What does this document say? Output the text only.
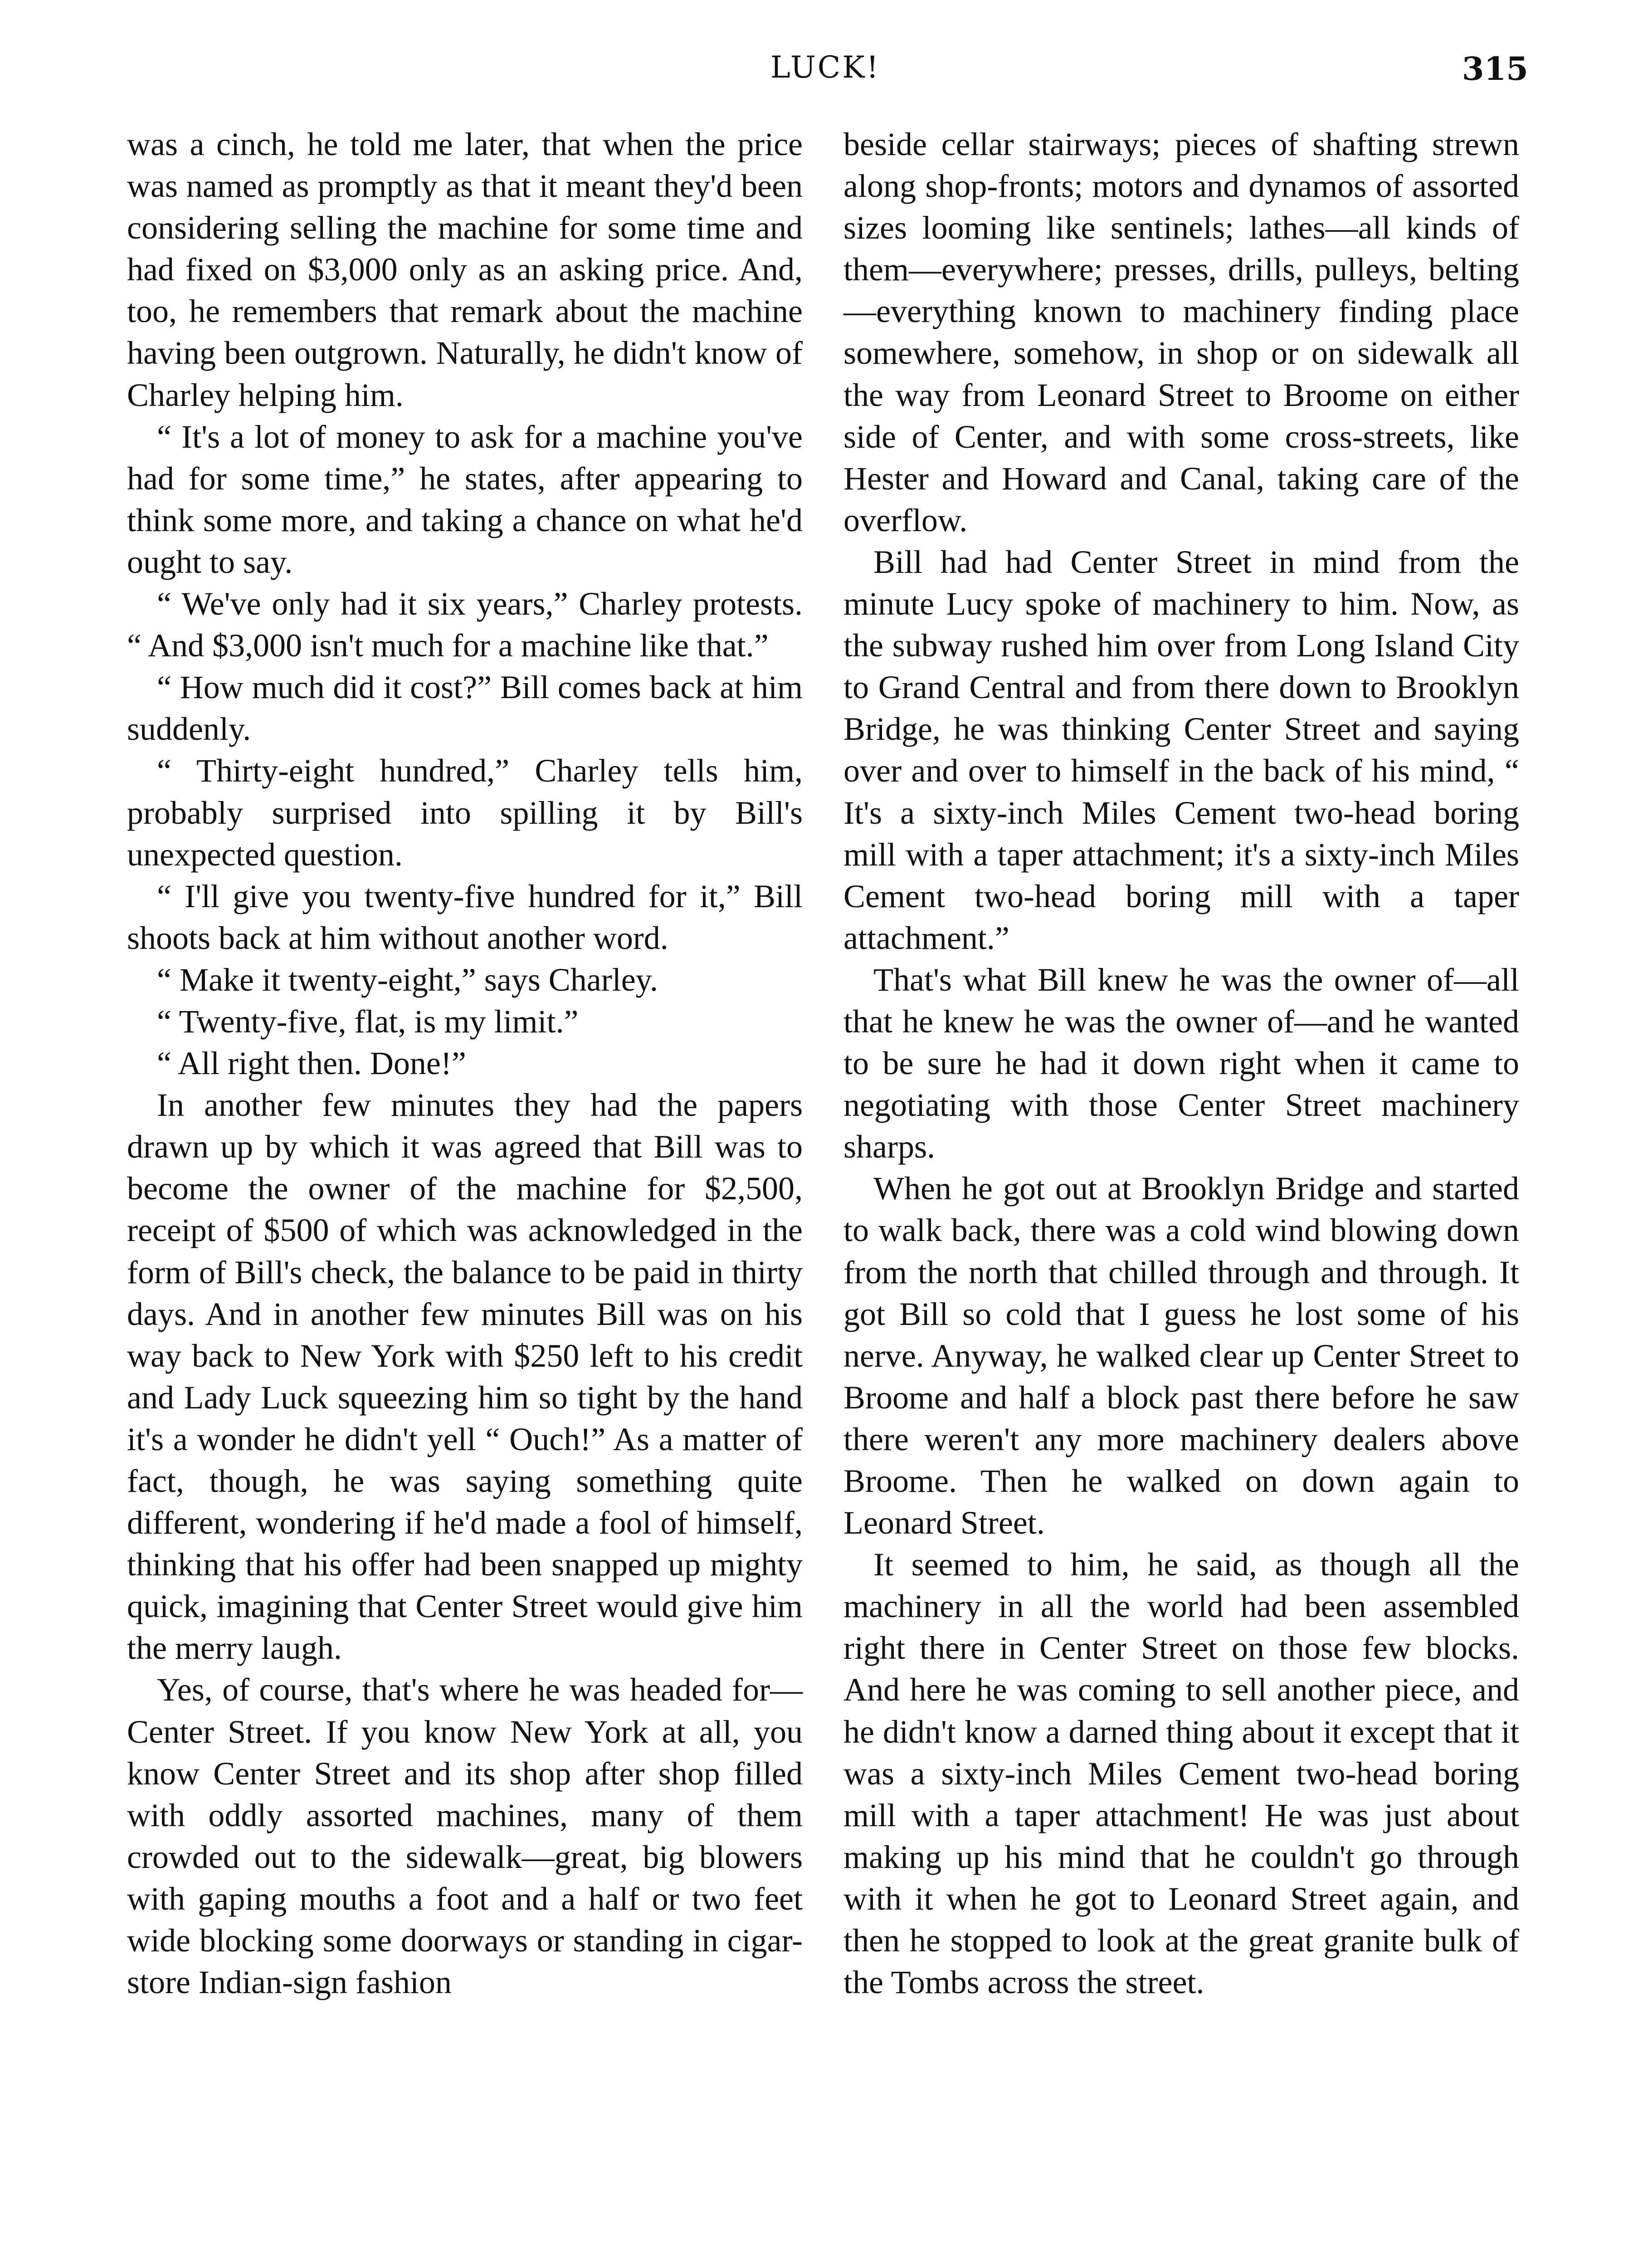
LUCK!	315

was a cinch, he told me later, that when the price was named as promptly as that it meant they'd been considering selling the machine for some time and had fixed on $3,000 only as an asking price. And, too, he remembers that remark about the machine having been outgrown. Naturally, he didn't know of Charley helping him.

“ It's a lot of money to ask for a machine you've had for some time,” he states, after appearing to think some more, and taking a chance on what he'd ought to say.

“ We've only had it six years,” Charley protests. “ And $3,000 isn't much for a machine like that.”

“ How much did it cost?” Bill comes back at him suddenly.

“ Thirty-eight hundred,” Charley tells him, probably surprised into spilling it by Bill's unexpected question.

“ I'll give you twenty-five hundred for it,” Bill shoots back at him without another word.

“ Make it twenty-eight,” says Charley.

“ Twenty-five, flat, is my limit.”

“ All right then. Done!”

In another few minutes they had the papers drawn up by which it was agreed that Bill was to become the owner of the machine for $2,500, receipt of $500 of which was acknowledged in the form of Bill's check, the balance to be paid in thirty days. And in another few minutes Bill was on his way back to New York with $250 left to his credit and Lady Luck squeezing him so tight by the hand it's a wonder he didn't yell “ Ouch!” As a matter of fact, though, he was saying something quite different, wondering if he'd made a fool of himself, thinking that his offer had been snapped up mighty quick, imagining that Center Street would give him the merry laugh.

Yes, of course, that's where he was headed for—Center Street. If you know New York at all, you know Center Street and its shop after shop filled with oddly assorted machines, many of them crowded out to the sidewalk—great, big blowers with gaping mouths a foot and a half or two feet wide blocking some doorways or standing in cigar-store Indian-sign fashion

beside cellar stairways; pieces of shafting strewn along shop-fronts; motors and dynamos of assorted sizes looming like sentinels; lathes—all kinds of them—everywhere; presses, drills, pulleys, belting—everything known to machinery finding place somewhere, somehow, in shop or on sidewalk all the way from Leonard Street to Broome on either side of Center, and with some cross-streets, like Hester and Howard and Canal, taking care of the overflow.

Bill had had Center Street in mind from the minute Lucy spoke of machinery to him. Now, as the subway rushed him over from Long Island City to Grand Central and from there down to Brooklyn Bridge, he was thinking Center Street and saying over and over to himself in the back of his mind, “ It's a sixty-inch Miles Cement two-head boring mill with a taper attachment; it's a sixty-inch Miles Cement two-head boring mill with a taper attachment.”

That's what Bill knew he was the owner of—all that he knew he was the owner of—and he wanted to be sure he had it down right when it came to negotiating with those Center Street machinery sharps.

When he got out at Brooklyn Bridge and started to walk back, there was a cold wind blowing down from the north that chilled through and through. It got Bill so cold that I guess he lost some of his nerve. Anyway, he walked clear up Center Street to Broome and half a block past there before he saw there weren't any more machinery dealers above Broome. Then he walked on down again to Leonard Street.

It seemed to him, he said, as though all the machinery in all the world had been assembled right there in Center Street on those few blocks. And here he was coming to sell another piece, and he didn't know a darned thing about it except that it was a sixty-inch Miles Cement two-head boring mill with a taper attachment! He was just about making up his mind that he couldn't go through with it when he got to Leonard Street again, and then he stopped to look at the great granite bulk of the Tombs across the street.
